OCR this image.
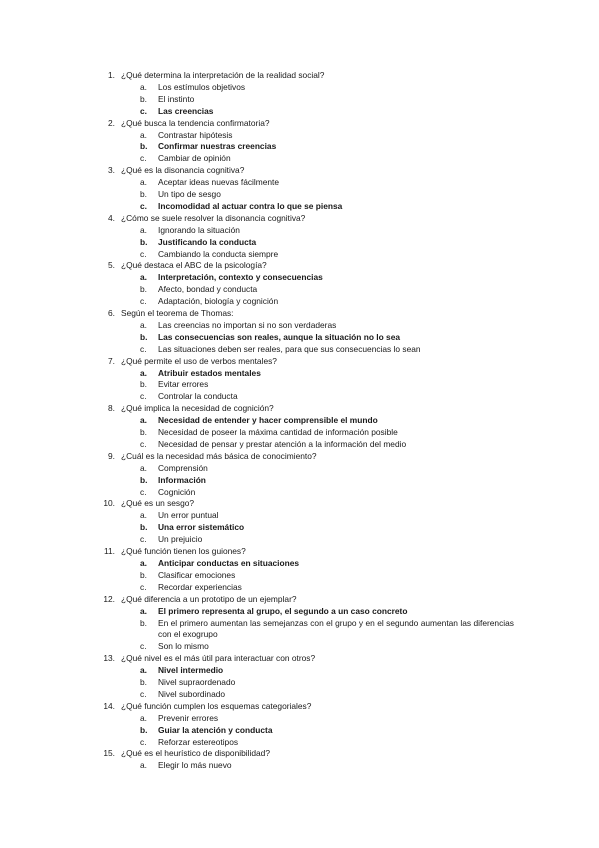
1. ¿Qué determina la interpretación de la realidad social?
a.	Los estímulos objetivos
b.	El instinto
c.	Las creencias
2. ¿Qué busca la tendencia confirmatoria?
a.	Contrastar hipótesis
b.	Confirmar nuestras creencias
c.	Cambiar de opinión
3. ¿Qué es la disonancia cognitiva?
a.	Aceptar ideas nuevas fácilmente
b.	Un tipo de sesgo
c.	Incomodidad al actuar contra lo que se piensa
4. ¿Cómo se suele resolver la disonancia cognitiva?
a.	Ignorando la situación
b.	Justificando la conducta
c.	Cambiando la conducta siempre
5. ¿Qué destaca el ABC de la psicología?
a.	Interpretación, contexto y consecuencias
b.	Afecto, bondad y conducta
c.	Adaptación, biología y cognición
6. Según el teorema de Thomas:
a.	Las creencias no importan si no son verdaderas
b.	Las consecuencias son reales, aunque la situación no lo sea
c.	Las situaciones deben ser reales, para que sus consecuencias lo sean
7. ¿Qué permite el uso de verbos mentales?
a.	Atribuir estados mentales
b.	Evitar errores
c.	Controlar la conducta
8. ¿Qué implica la necesidad de cognición?
a.	Necesidad de entender y hacer comprensible el mundo
b.	Necesidad de poseer la máxima cantidad de información posible
c.	Necesidad de pensar y prestar atención a la información del medio
9. ¿Cuál es la necesidad más básica de conocimiento?
a.	Comprensión
b.	Información
c.	Cognición
10. ¿Qué es un sesgo?
a.	Un error puntual
b.	Una error sistemático
c.	Un prejuicio
11. ¿Qué función tienen los guiones?
a.	Anticipar conductas en situaciones
b.	Clasificar emociones
c.	Recordar experiencias
12. ¿Qué diferencia a un prototipo de un ejemplar?
a.	El primero representa al grupo, el segundo a un caso concreto
b.	En el primero aumentan las semejanzas con el grupo y en el segundo aumentan las diferencias con el exogrupo
c.	Son lo mismo
13. ¿Qué nivel es el más útil para interactuar con otros?
a.	Nivel intermedio
b.	Nivel supraordenado
c.	Nivel subordinado
14. ¿Qué función cumplen los esquemas categoriales?
a.	Prevenir errores
b.	Guiar la atención y conducta
c.	Reforzar estereotipos
15. ¿Qué es el heurístico de disponibilidad?
a.	Elegir lo más nuevo
